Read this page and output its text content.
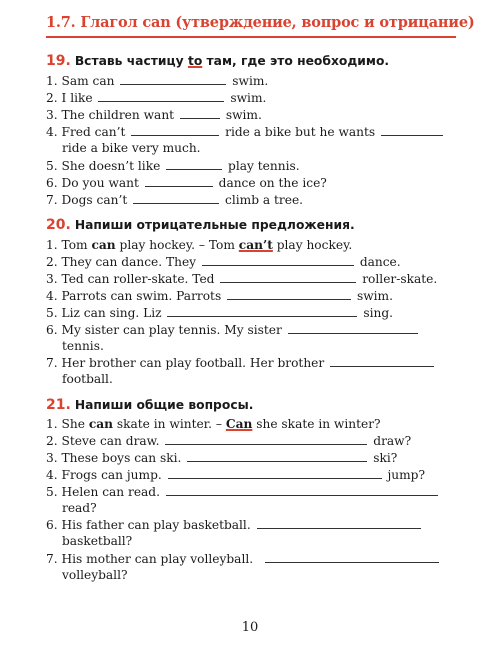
1.7. Глагол can (утверждение, вопрос и отрицание)
19. Вставь частицу to там, где это необходимо.
1. Sam can	swim.
2. I like	swim.
3. The children want	swim.
4. Fred can’t	ride a bike but he wants
ride a bike very much.
5. She doesn’t like	play tennis.
6. Do you want	dance on the ice?
7. Dogs can’t	climb a tree.
20. Напиши отрицательные предложения.
1. Tom can play hockey. – Tom can’t play hockey.
2. They can dance. They	dance.
3. Ted can roller-skate. Ted	roller-skate.
4. Parrots can swim. Parrots	swim.
5. Liz can sing. Liz	sing.
6. My sister can play tennis. My sister
tennis.
7. Her brother can play football. Her brother
football.
21. Напиши общие вопросы.
1. She can skate in winter. – Can she skate in winter?
2. Steve can draw.	draw?
3. These boys can ski.	ski?
4. Frogs can jump.	jump?
5. Helen can read.
read?
6. His father can play basketball.
basketball?
7. His mother can play volleyball.
volleyball?
10
